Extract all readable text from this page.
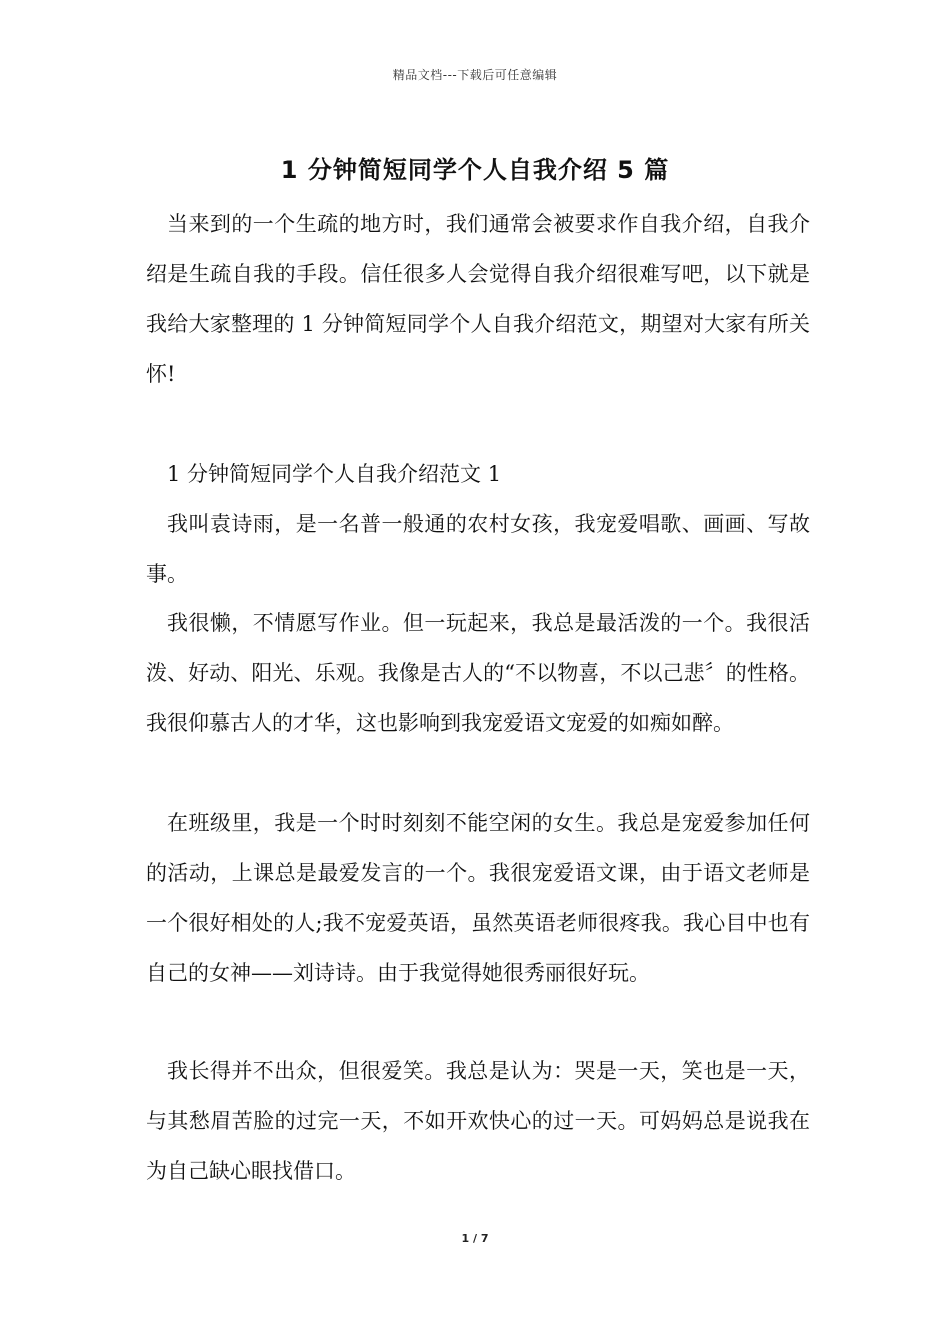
精品文档---下载后可任意编辑
1 分钟简短同学个人自我介绍 5 篇

当来到的一个生疏的地方时，我们通常会被要求作自我介绍，自我介绍是生疏自我的手段。信任很多人会觉得自我介绍很难写吧，以下就是我给大家整理的 1 分钟简短同学个人自我介绍范文，期望对大家有所关怀!

1 分钟简短同学个人自我介绍范文 1

我叫袁诗雨，是一名普一般通的农村女孩，我宠爱唱歌、画画、写故事。

我很懒，不情愿写作业。但一玩起来，我总是最活泼的一个。我很活泼、好动、阳光、乐观。我像是古人的“不以物喜，不以己悲〞的性格。我很仰慕古人的才华，这也影响到我宠爱语文宠爱的如痴如醉。

在班级里，我是一个时时刻刻不能空闲的女生。我总是宠爱参加任何的活动，上课总是最爱发言的一个。我很宠爱语文课，由于语文老师是一个很好相处的人;我不宠爱英语，虽然英语老师很疼我。我心目中也有自己的女神——刘诗诗。由于我觉得她很秀丽很好玩。

我长得并不出众，但很爱笑。我总是认为：哭是一天，笑也是一天，与其愁眉苦脸的过完一天，不如开欢快心的过一天。可妈妈总是说我在为自己缺心眼找借口。

1 / 7
